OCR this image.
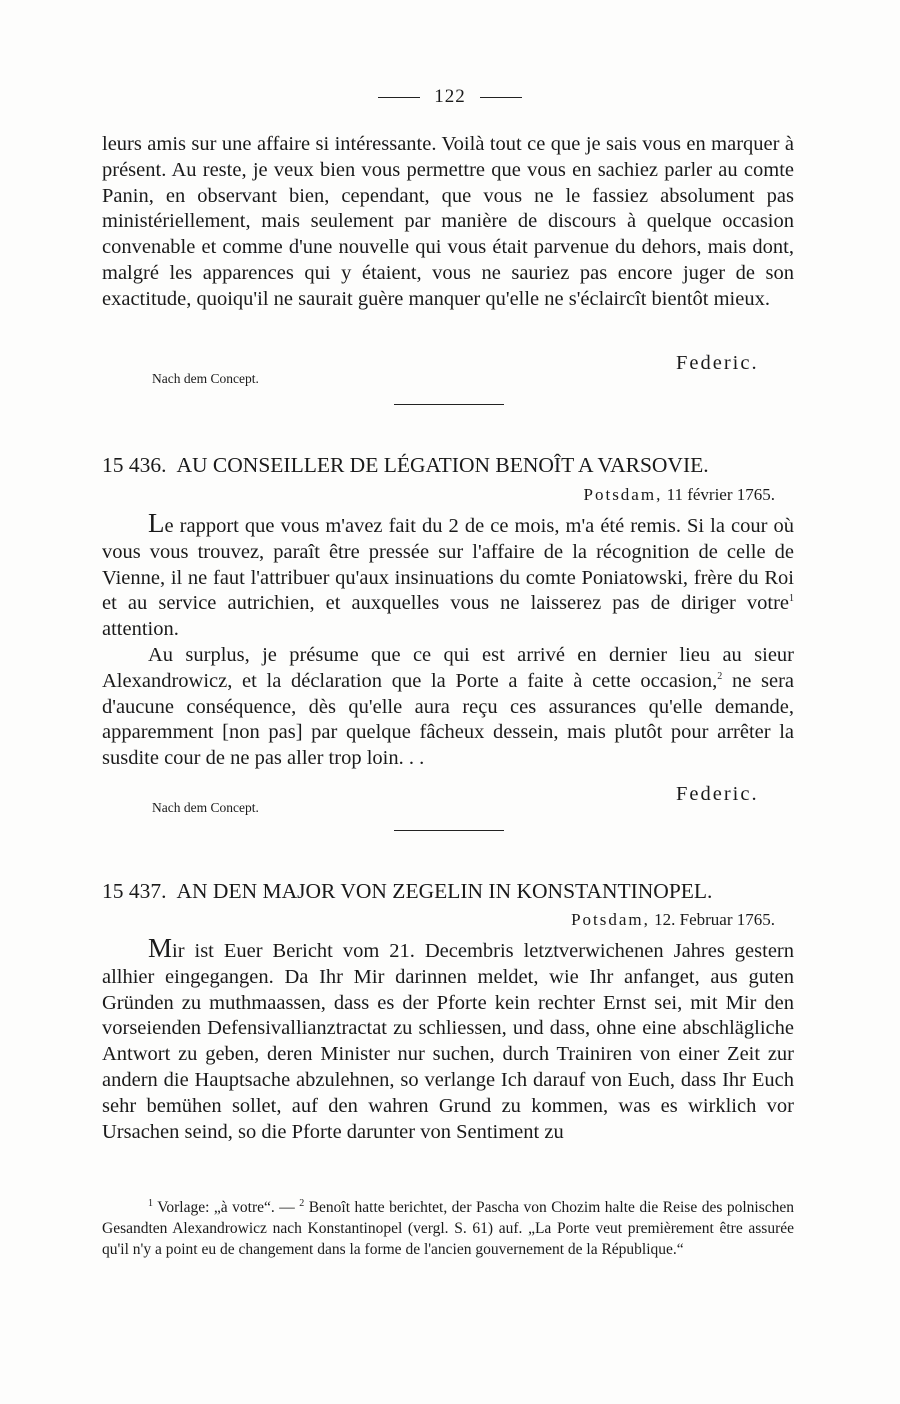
122

leurs amis sur une affaire si intéressante. Voilà tout ce que je sais vous en marquer à présent. Au reste, je veux bien vous permettre que vous en sachiez parler au comte Panin, en observant bien, cependant, que vous ne le fassiez absolument pas ministériellement, mais seulement par manière de discours à quelque occasion convenable et comme d'une nouvelle qui vous était parvenue du dehors, mais dont, malgré les apparences qui y étaient, vous ne sauriez pas encore juger de son exactitude, quoiqu'il ne saurait guère manquer qu'elle ne s'éclaircît bientôt mieux.

Federic.
Nach dem Concept.
15 436. AU CONSEILLER DE LÉGATION BENOÎT A VARSOVIE.
Potsdam, 11 février 1765.

Le rapport que vous m'avez fait du 2 de ce mois, m'a été remis. Si la cour où vous vous trouvez, paraît être pressée sur l'affaire de la récognition de celle de Vienne, il ne faut l'attribuer qu'aux insinuations du comte Poniatowski, frère du Roi et au service autrichien, et auxquelles vous ne laisserez pas de diriger votre$^1$ attention.

Au surplus, je présume que ce qui est arrivé en dernier lieu au sieur Alexandrowicz, et la déclaration que la Porte a faite à cette occasion,$^2$ ne sera d'aucune conséquence, dès qu'elle aura reçu ces assurances qu'elle demande, apparemment [non pas] par quelque fâcheux dessein, mais plutôt pour arrêter la susdite cour de ne pas aller trop loin. . .

Federic.
Nach dem Concept.
15 437. AN DEN MAJOR VON ZEGELIN IN KONSTANTINOPEL.
Potsdam, 12. Februar 1765.

Mir ist Euer Bericht vom 21. Decembris letztverwichenen Jahres gestern allhier eingegangen. Da Ihr Mir darinnen meldet, wie Ihr anfanget, aus guten Gründen zu muthmaassen, dass es der Pforte kein rechter Ernst sei, mit Mir den vorseienden Defensivallianztractat zu schliessen, und dass, ohne eine abschlägliche Antwort zu geben, deren Minister nur suchen, durch Trainiren von einer Zeit zur andern die Hauptsache abzulehnen, so verlange Ich darauf von Euch, dass Ihr Euch sehr bemühen sollet, auf den wahren Grund zu kommen, was es wirklich vor Ursachen seind, so die Pforte darunter von Sentiment zu

$^1$ Vorlage: „à votre“. — $^2$ Benoît hatte berichtet, der Pascha von Chozim halte die Reise des polnischen Gesandten Alexandrowicz nach Konstantinopel (vergl. S. 61) auf. „La Porte veut premièrement être assurée qu'il n'y a point eu de changement dans la forme de l'ancien gouvernement de la République.“
